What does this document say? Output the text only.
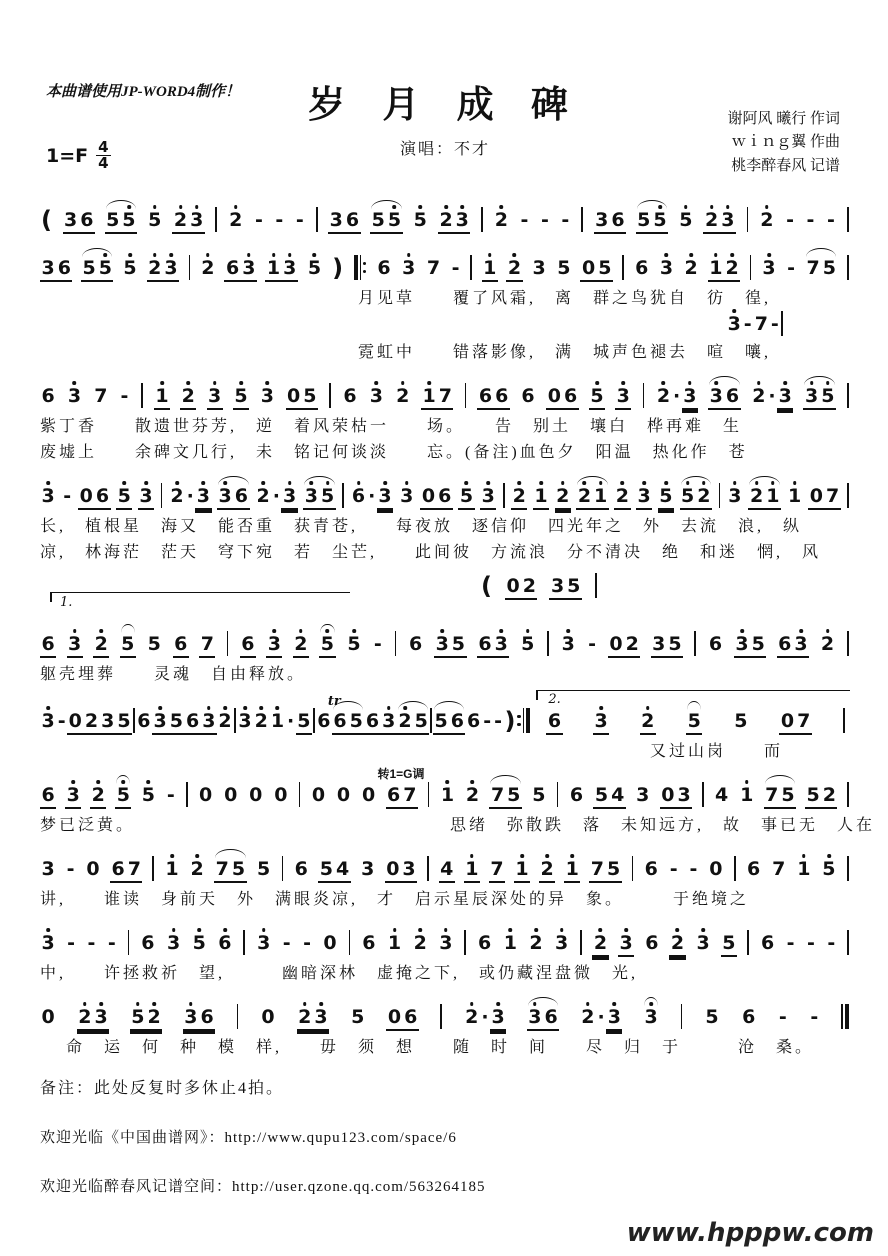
本曲谱使用JP-WORD4制作！	岁 月 成 碑
演唱：不才
谢阿风 曦行 作词
ｗｉｎｇ翼 作曲
桃李醉春风 记谱
$1=F \frac{4}{4}$
( 3 6 5 5 5 2 3 2 - - - 3 6 5 5 5 2 3 2 - - - 3 6 5 5 5 2 3 2 - - -
3 6 5 5 5 2 3 2 6 3 1 3 5 ) 6 3 7 - 1 2 3 5 0 5 6 3 2 1 2 3 - 7 5
月见草　　覆了风霜,　离　群之鸟犹自　彷　徨,
3 - 7 -
霓虹中　　错落影像,　满　城声色褪去　喧　嚷,
6 3 7 - 1 2 3 5 3 0 5 6 3 2 1 7 6 6 6 0 6 5 3 2 · 3 3 6 2 · 3 3 5
紫丁香　　散遗世芬芳,　逆　着风荣枯一　　场。　　告　别土　壤白　桦再难　生
废墟上　　余碑文几行,　未　铭记何谈淡　　忘。(备注)血色夕　阳温　热化作　苍
3 - 0 6 5 3 2 · 3 3 6 2 · 3 3 5 6 · 3 3 0 6 5 3 2 1 2 2 1 2 3 5 5 2 3 2 1 1 0 7
长,　植根星　海又　能否重　获青苍,　　每夜放　逐信仰　四光年之　外　去流　浪,　纵
凉,　林海茫　茫天　穹下宛　若　尘芒,　　此间彼　方流浪　分不清决　绝　和迷　惘,　风
1.
( 0 2 3 5
6 3 2 5 5 6 7 6 3 2 5 5 - 6 3 5 6 3 5 3 - 0 2 3 5 6 3 5 6 3 2
躯壳埋葬　　灵魂　自由释放。
3 - 0 2 3 5 6 3 5 6 3 2 3 2 1 · 5 6 6 5
tr
6 3 2 5 5 6 6 - - )
2.
6 3 2 5 5 0 7
又过山岗　　而
6 3 2 5 5 - 0 0 0 0 0 0 0 6 7
转1=G调
1 2 7 5 5 6 5 4 3 0 3 4 1 7 5 5 2
梦已泛黄。　　　　　　　　　　　　　　　　　思绪　弥散跌　落　未知远方,　故　事已无　人在
3 - 0 6 7 1 2 7 5 5 6 5 4 3 0 3 4 1 7 1 2 1 7 5 6 - - 0 6 7 1 5
讲,　　谁读　身前天　外　满眼炎凉,　才　启示星辰深处的异　象。　　　于绝境之
3 - - - 6 3 5 6 3 - - 0 6 1 2 3 6 1 2 3 2 3 6 2 3 5 6 - - -
中,　　许拯救祈　望,　　　幽暗深林　虚掩之下,　或仍藏涅盘微　光,
0 2 3 5 2 3 6	0 2 3 5 0 6	2 · 3 3 6 2 · 3 3	5 6 - -
命　运　何　种　模　样,　　毋　须　想　　随　时　间　　尽　归　于　　　沧　桑。
备注：此处反复时多休止4拍。
欢迎光临《中国曲谱网》：http://www.qupu123.com/space/6
欢迎光临醉春风记谱空间：http://user.qzone.qq.com/563264185
www.hpppw.com
